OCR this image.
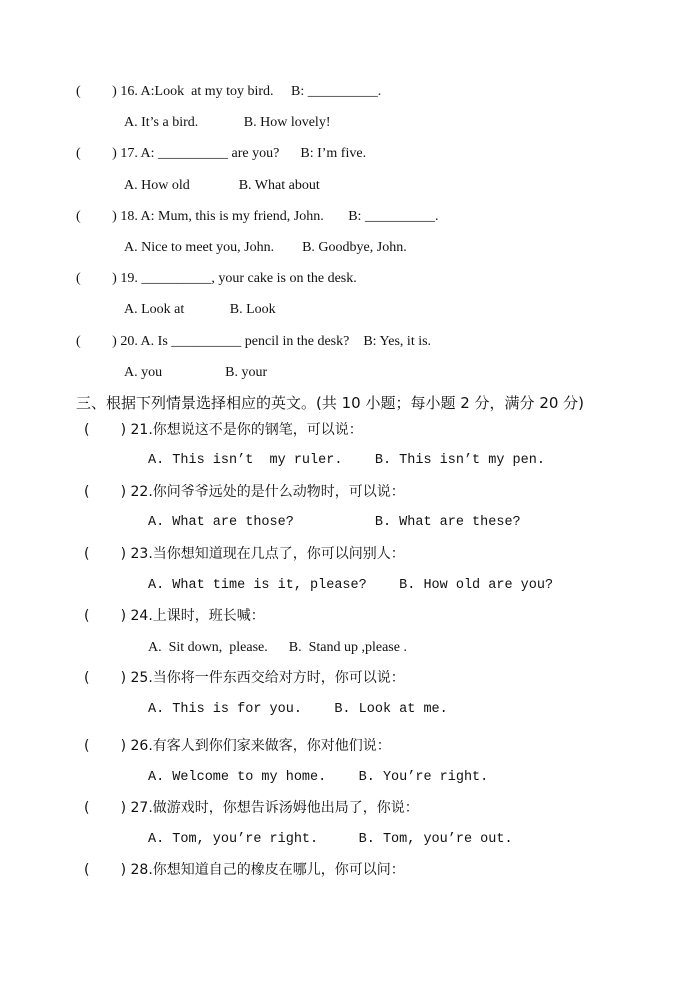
(         ) 16. A:Look  at my toy bird.     B: __________.
A. It’s a bird.             B. How lovely!
(         ) 17. A: __________ are you?      B: I’m five.
A. How old              B. What about
(         ) 18. A: Mum, this is my friend, John.       B: __________.
A. Nice to meet you, John.        B. Goodbye, John.
(         ) 19. __________, your cake is on the desk.
A. Look at             B. Look
(         ) 20. A. Is __________ pencil in the desk?    B: Yes, it is.
A. you                  B. your
三、根据下列情景选择相应的英文。(共 10 小题；每小题 2 分，满分 20 分)
(       ) 21.你想说这不是你的钢笔，可以说：
A. This isn’t  my ruler.    B. This isn’t my pen.
(       ) 22.你问爷爷远处的是什么动物时，可以说：
A. What are those?          B. What are these?
(       ) 23.当你想知道现在几点了，你可以问别人：
A. What time is it, please?    B. How old are you?
(       ) 24.上课时，班长喊：
A.  Sit down,  please.      B.  Stand up ,please .
(       ) 25.当你将一件东西交给对方时，你可以说：
A. This is for you.    B. Look at me.
(       ) 26.有客人到你们家来做客，你对他们说：
A. Welcome to my home.    B. You’re right.
(       ) 27.做游戏时，你想告诉汤姆他出局了，你说：
A. Tom, you’re right.     B. Tom, you’re out.
(       ) 28.你想知道自己的橡皮在哪儿，你可以问：
